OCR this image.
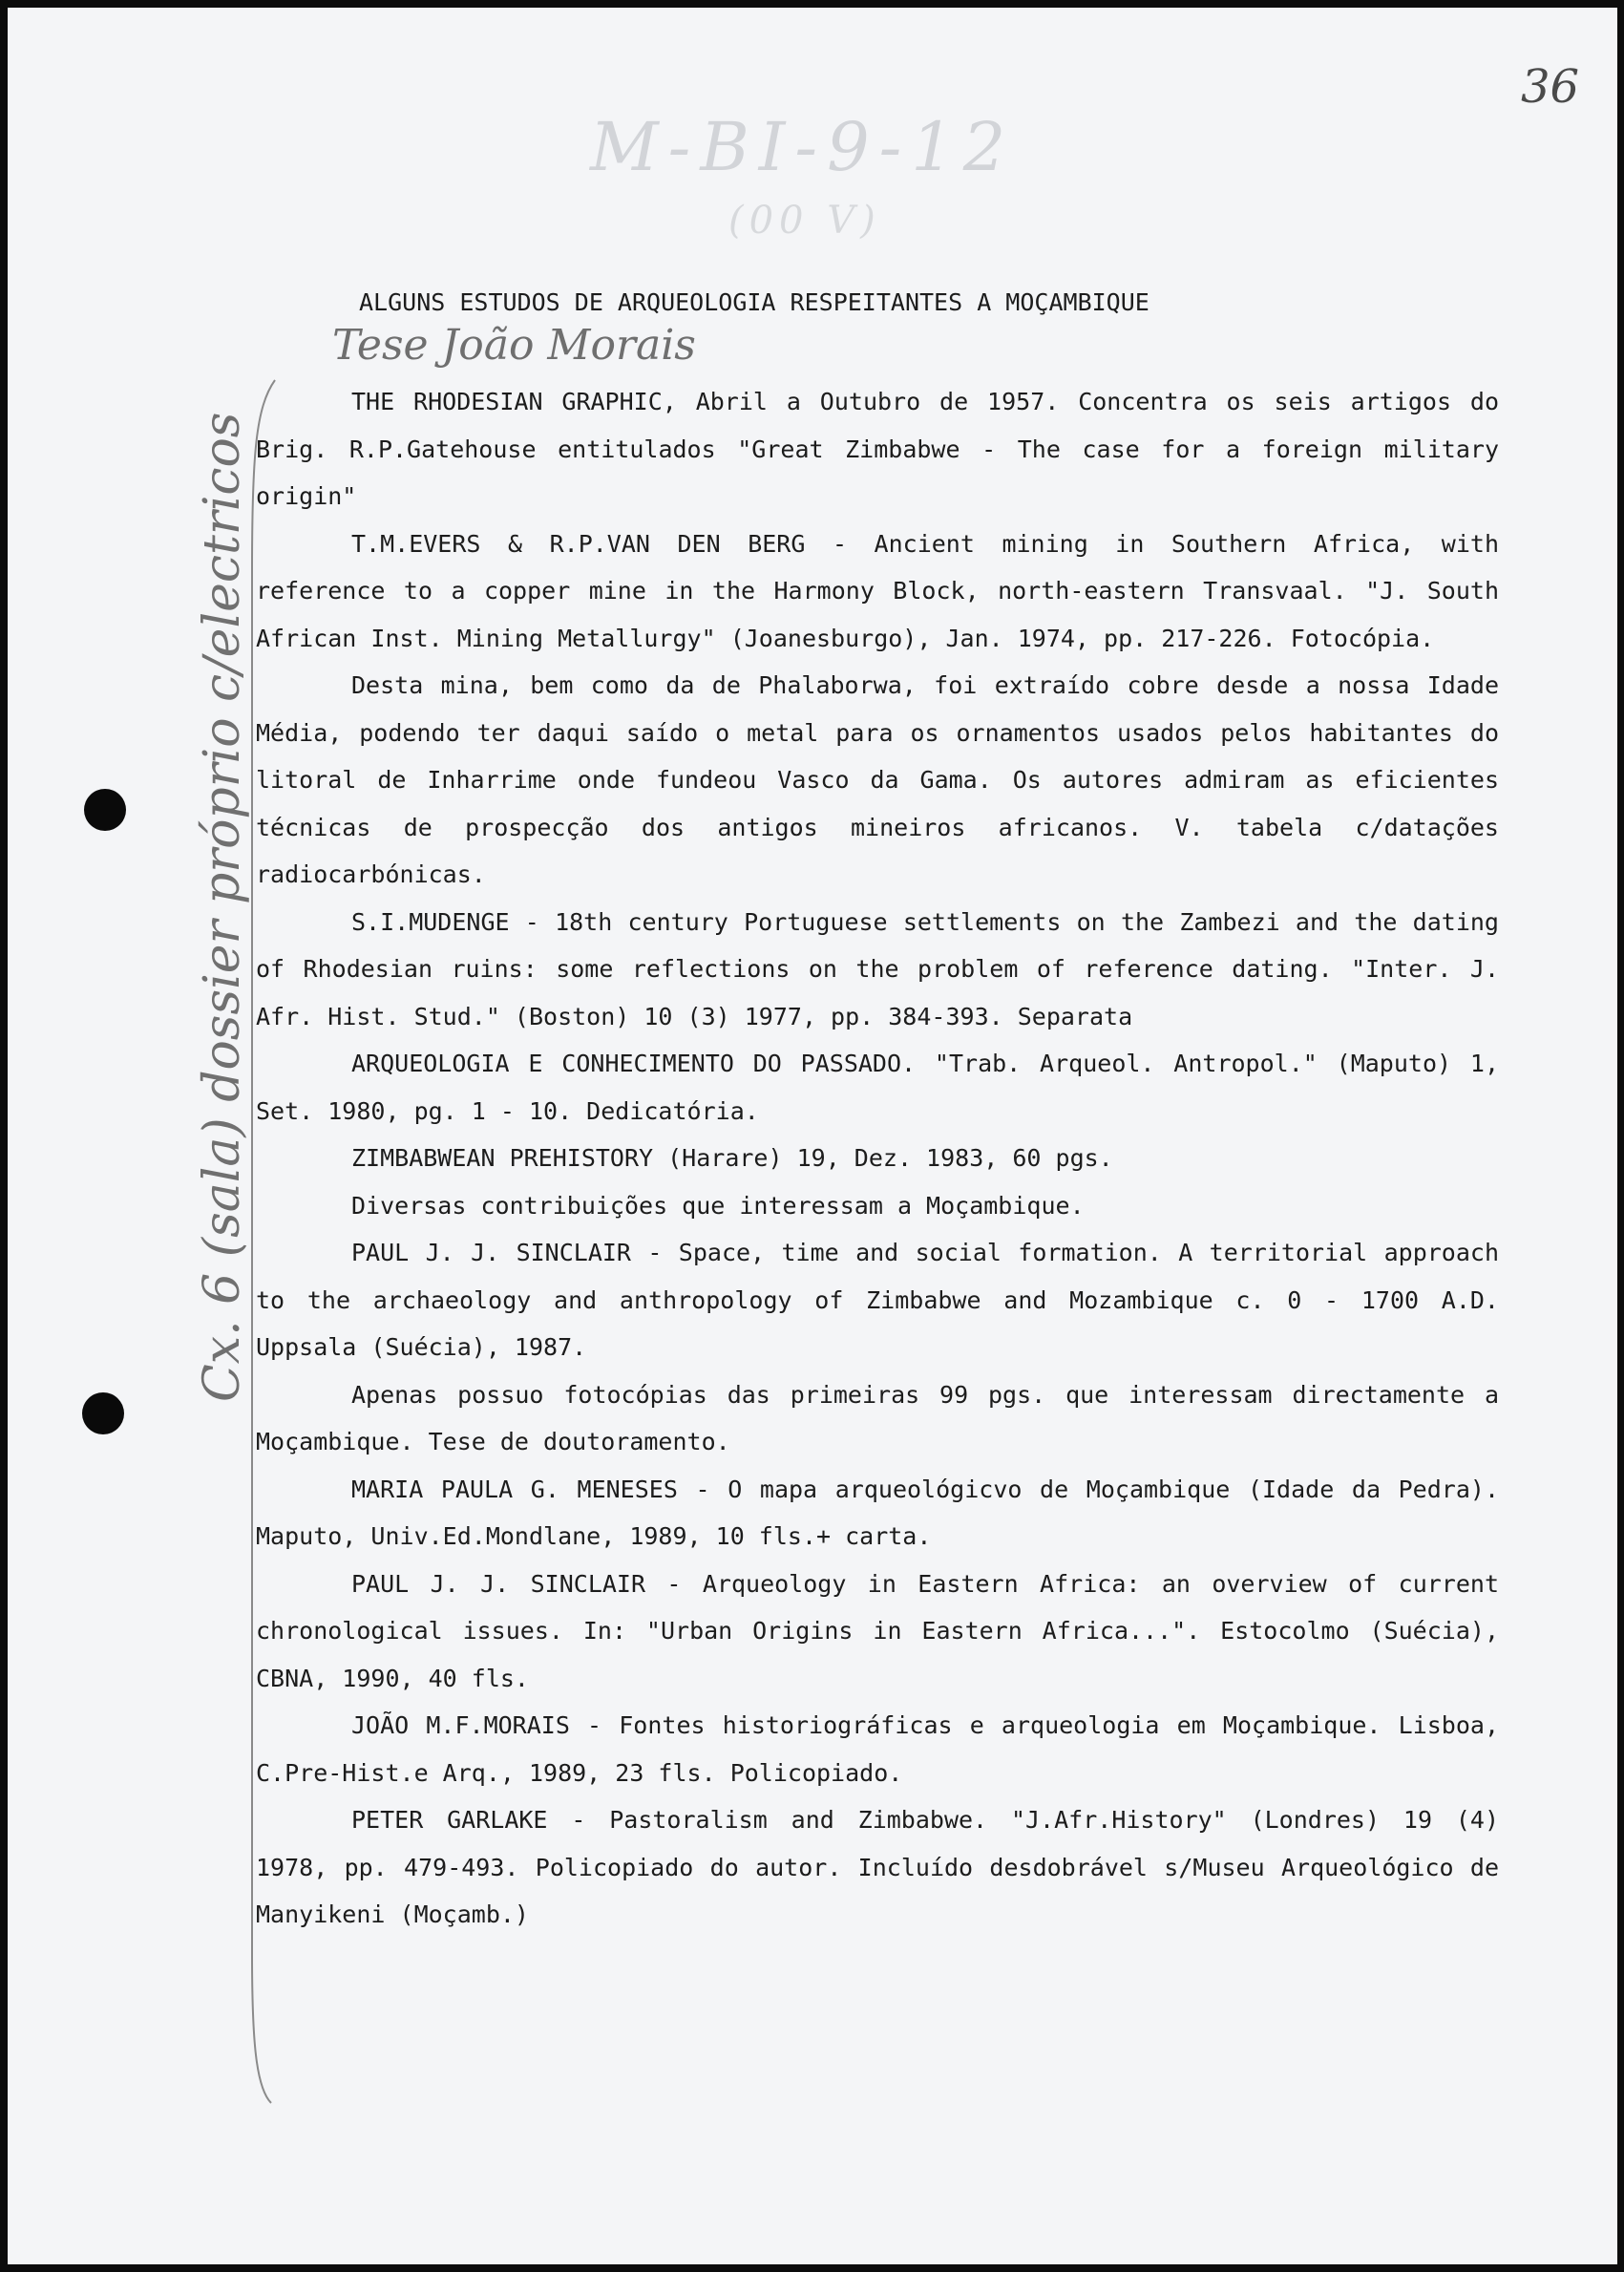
36
M-BI-9-12
(00 V)
Cx. 6 (sala) dossier próprio c/electricos
Tese João Morais
ALGUNS ESTUDOS DE ARQUEOLOGIA RESPEITANTES A MOÇAMBIQUE

THE RHODESIAN GRAPHIC, Abril a Outubro de 1957. Concentra os seis artigos do Brig. R.P.Gatehouse entitulados "Great Zimbabwe - The case for a foreign military origin"

T.M.EVERS & R.P.VAN DEN BERG - Ancient mining in Southern Africa, with reference to a copper mine in the Harmony Block, north-eastern Transvaal. "J. South African Inst. Mining Metallurgy" (Joanesburgo), Jan. 1974, pp. 217-226. Fotocópia.

Desta mina, bem como da de Phalaborwa, foi extraído cobre desde a nossa Idade Média, podendo ter daqui saído o metal para os ornamentos usados pelos habitantes do litoral de Inharrime onde fundeou Vasco da Gama. Os autores admiram as eficientes técnicas de prospecção dos antigos mineiros africanos. V. tabela c/datações radiocarbónicas.

S.I.MUDENGE - 18th century Portuguese settlements on the Zambezi and the dating of Rhodesian ruins: some reflections on the problem of reference dating. "Inter. J. Afr. Hist. Stud." (Boston) 10 (3) 1977, pp. 384-393. Separata

ARQUEOLOGIA E CONHECIMENTO DO PASSADO. "Trab. Arqueol. Antropol." (Maputo) 1, Set. 1980, pg. 1 - 10. Dedicatória.

ZIMBABWEAN PREHISTORY (Harare) 19, Dez. 1983, 60 pgs.

Diversas contribuições que interessam a Moçambique.

PAUL J. J. SINCLAIR - Space, time and social formation. A territorial approach to the archaeology and anthropology of Zimbabwe and Mozambique c. 0 - 1700 A.D. Uppsala (Suécia), 1987.

Apenas possuo fotocópias das primeiras 99 pgs. que interessam directamente a Moçambique. Tese de doutoramento.

MARIA PAULA G. MENESES - O mapa arqueológicvo de Moçambique (Idade da Pedra). Maputo, Univ.Ed.Mondlane, 1989, 10 fls.+ carta.

PAUL J. J. SINCLAIR - Arqueology in Eastern Africa: an overview of current chronological issues. In: "Urban Origins in Eastern Africa...". Estocolmo (Suécia), CBNA, 1990, 40 fls.

JOÃO M.F.MORAIS - Fontes historiográficas e arqueologia em Moçambique. Lisboa, C.Pre-Hist.e Arq., 1989, 23 fls. Policopiado.

PETER GARLAKE - Pastoralism and Zimbabwe. "J.Afr.History" (Londres) 19 (4) 1978, pp. 479-493. Policopiado do autor. Incluído desdobrável s/Museu Arqueológico de Manyikeni (Moçamb.)
